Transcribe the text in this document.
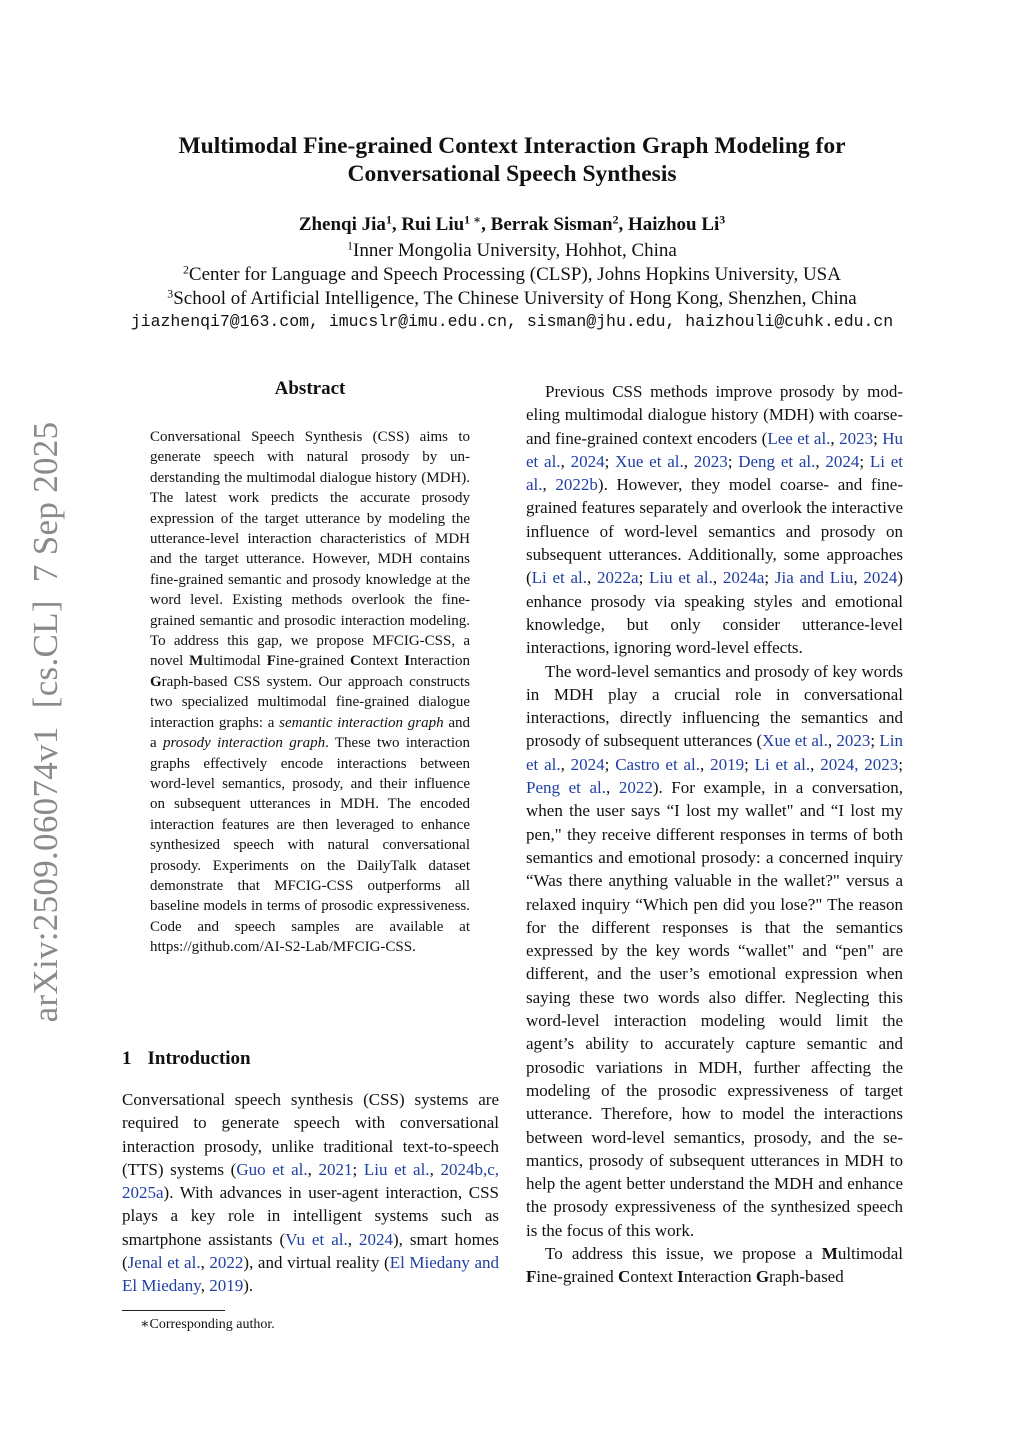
Multimodal Fine-grained Context Interaction Graph Modeling for
Conversational Speech Synthesis
Zhenqi Jia$^1$, Rui Liu$^{1 ∗}$, Berrak Sisman$^2$, Haizhou Li$^3$
$^1$Inner Mongolia University, Hohhot, China
$^2$Center for Language and Speech Processing (CLSP), Johns Hopkins University, USA
$^3$School of Artificial Intelligence, The Chinese University of Hong Kong, Shenzhen, China
jiazhenqi7@163.com, imucslr@imu.edu.cn, sisman@jhu.edu, haizhouli@cuhk.edu.cn
arXiv:2509.06074v1  [cs.CL]  7 Sep 2025
Abstract

Conversational Speech Synthesis (CSS) aims to generate speech with natural prosody by understanding the multimodal dialogue history (MDH). The latest work predicts the accurate prosody expression of the target utterance by modeling the utterance-level interaction characteristics of MDH and the target utterance. However, MDH contains fine-grained semantic and prosody knowledge at the word level. Existing methods overlook the fine-grained semantic and prosodic interaction modeling. To address this gap, we propose MFCIG-CSS, a novel Multimodal Fine-grained Context Interaction Graph-based CSS system. Our approach constructs two specialized multimodal fine-grained dialogue interaction graphs: a semantic interaction graph and a prosody interaction graph. These two interaction graphs effectively encode interactions between word-level semantics, prosody, and their influence on subsequent utterances in MDH. The encoded interaction features are then leveraged to enhance synthesized speech with natural conversational prosody. Experiments on the DailyTalk dataset demonstrate that MFCIG-CSS outperforms all baseline models in terms of prosodic expressiveness. Code and speech samples are available at https://github.com/AI-S2-Lab/MFCIG-CSS.

1 Introduction

Conversational speech synthesis (CSS) systems are required to generate speech with conversational interaction prosody, unlike traditional text-to-speech (TTS) systems (Guo et al., 2021; Liu et al., 2024b,c, 2025a). With advances in user-agent interaction, CSS plays a key role in intelligent systems such as smartphone assistants (Vu et al., 2024), smart homes (Jenal et al., 2022), and virtual reality (El Miedany and El Miedany, 2019).

∗Corresponding author.

Previous CSS methods improve prosody by modeling multimodal dialogue history (MDH) with coarse- and fine-grained context encoders (Lee et al., 2023; Hu et al., 2024; Xue et al., 2023; Deng et al., 2024; Li et al., 2022b). However, they model coarse- and fine-grained features separately and overlook the interactive influence of word-level semantics and prosody on subsequent utterances. Additionally, some approaches (Li et al., 2022a; Liu et al., 2024a; Jia and Liu, 2024) enhance prosody via speaking styles and emotional knowledge, but only consider utterance-level interactions, ignoring word-level effects.

The word-level semantics and prosody of key words in MDH play a crucial role in conversational interactions, directly influencing the semantics and prosody of subsequent utterances (Xue et al., 2023; Lin et al., 2024; Castro et al., 2019; Li et al., 2024, 2023; Peng et al., 2022). For example, in a conversation, when the user says “I lost my wallet" and “I lost my pen," they receive different responses in terms of both semantics and emotional prosody: a concerned inquiry “Was there anything valuable in the wallet?" versus a relaxed inquiry “Which pen did you lose?" The reason for the different responses is that the semantics expressed by the key words “wallet" and “pen" are different, and the user’s emotional expression when saying these two words also differ. Neglecting this word-level interaction modeling would limit the agent’s ability to accurately capture semantic and prosodic variations in MDH, further affecting the modeling of the prosodic expressiveness of target utterance. Therefore, how to model the interactions between word-level semantics, prosody, and the semantics, prosody of subsequent utterances in MDH to help the agent better understand the MDH and enhance the prosody expressiveness of the synthesized speech is the focus of this work.

To address this issue, we propose a Multimodal Fine-grained Context Interaction Graph-based
